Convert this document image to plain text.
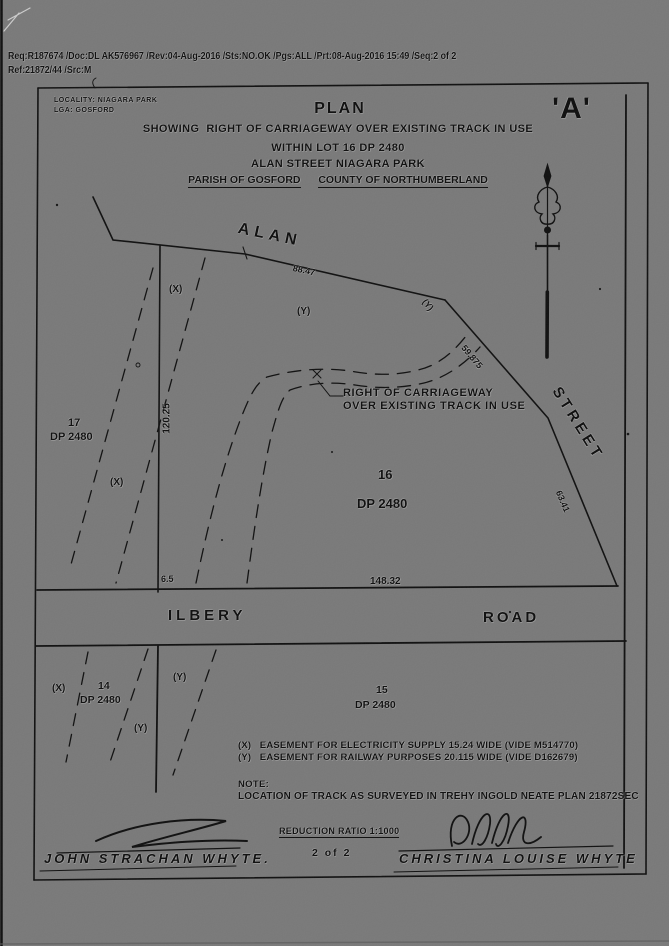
Req:R187674 /Doc:DL AK576967 /Rev:04-Aug-2016 /Sts:NO.OK /Pgs:ALL /Prt:08-Aug-2016 15:49 /Seq:2 of 2
Ref:21872/44 /Src:M
LOCALITY: NIAGARA PARK
LGA: GOSFORD	PLAN
SHOWING  RIGHT OF CARRIAGEWAY OVER EXISTING TRACK IN USE
WITHIN LOT 16 DP 2480
ALAN STREET NIAGARA PARK
PARISH OF GOSFORD COUNTY OF NORTHUMBERLAND
'A'
ALAN
STREET
ILBERY	ROAD
88.47
59.875
63.41
120.25
148.32
6.5
17
DP 2480
16
DP 2480
(X)
(Y)	(Y)
(X)
RIGHT OF CARRIAGEWAY
OVER EXISTING TRACK IN USE
(X)	14
DP 2480
(Y)
(Y)
15
DP 2480
(X)   EASEMENT FOR ELECTRICITY SUPPLY 15.24 WIDE (VIDE M514770)
(Y)   EASEMENT FOR RAILWAY PURPOSES 20.115 WIDE (VIDE D162679)
NOTE:
LOCATION OF TRACK AS SURVEYED IN TREHY INGOLD NEATE PLAN 21872SEC
REDUCTION RATIO 1:1000
2 of 2
JOHN STRACHAN WHYTE.	CHRISTINA LOUISE WHYTE
